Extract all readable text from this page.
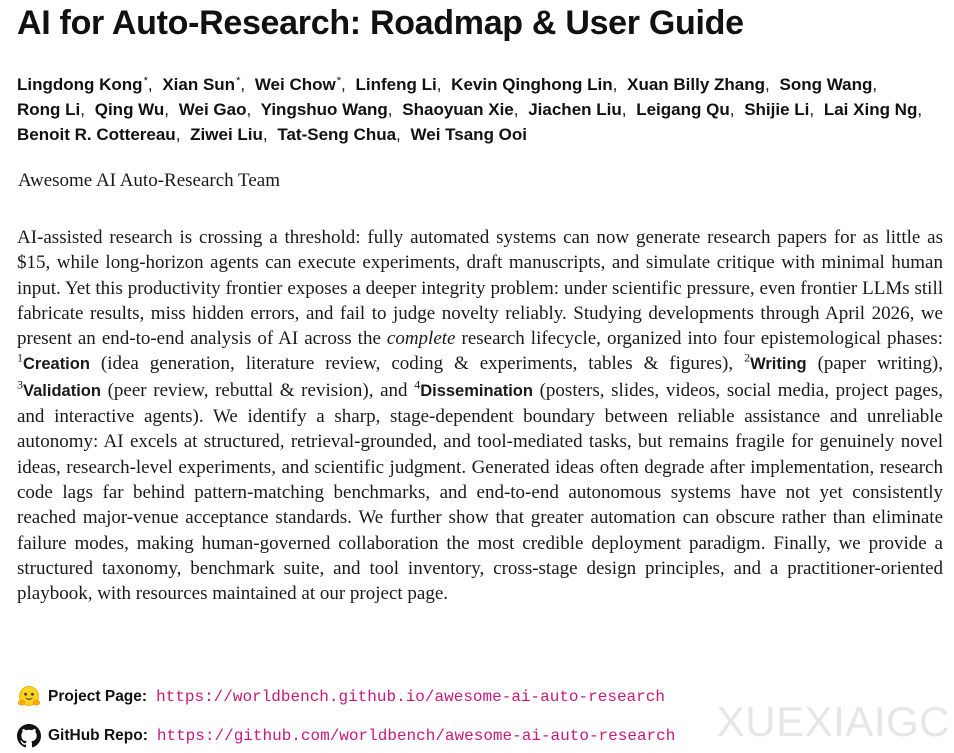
AI for Auto-Research: Roadmap & User Guide
Lingdong Kong*, Xian Sun*, Wei Chow*, Linfeng Li, Kevin Qinghong Lin, Xuan Billy Zhang, Song Wang, Rong Li, Qing Wu, Wei Gao, Yingshuo Wang, Shaoyuan Xie, Jiachen Liu, Leigang Qu, Shijie Li, Lai Xing Ng, Benoit R. Cottereau, Ziwei Liu, Tat-Seng Chua, Wei Tsang Ooi
Awesome AI Auto-Research Team

AI-assisted research is crossing a threshold: fully automated systems can now generate research papers for as little as $15, while long-horizon agents can execute experiments, draft manuscripts, and simulate critique with minimal human input. Yet this productivity frontier exposes a deeper integrity problem: under scientific pressure, even frontier LLMs still fabricate results, miss hidden errors, and fail to judge novelty reliably. Studying developments through April 2026, we present an end-to-end analysis of AI across the complete research lifecycle, organized into four epistemological phases: $^1$Creation (idea generation, literature review, coding & experiments, tables & figures), $^2$Writing (paper writing), $^3$Validation (peer review, rebuttal & revision), and $^4$Dissemination (posters, slides, videos, social media, project pages, and interactive agents). We identify a sharp, stage-dependent boundary between reliable assistance and unreliable autonomy: AI excels at structured, retrieval-grounded, and tool-mediated tasks, but remains fragile for genuinely novel ideas, research-level experiments, and scientific judgment. Generated ideas often degrade after implementation, research code lags far behind pattern-matching benchmarks, and end-to-end autonomous systems have not yet consistently reached major-venue acceptance standards. We further show that greater automation can obscure rather than eliminate failure modes, making human-governed collaboration the most credible deployment paradigm. Finally, we provide a structured taxonomy, benchmark suite, and tool inventory, cross-stage design principles, and a practitioner-oriented playbook, with resources maintained at our project page.

Project Page: https://worldbench.github.io/awesome-ai-auto-research
GitHub Repo: https://github.com/worldbench/awesome-ai-auto-research XUEXIAIGC
